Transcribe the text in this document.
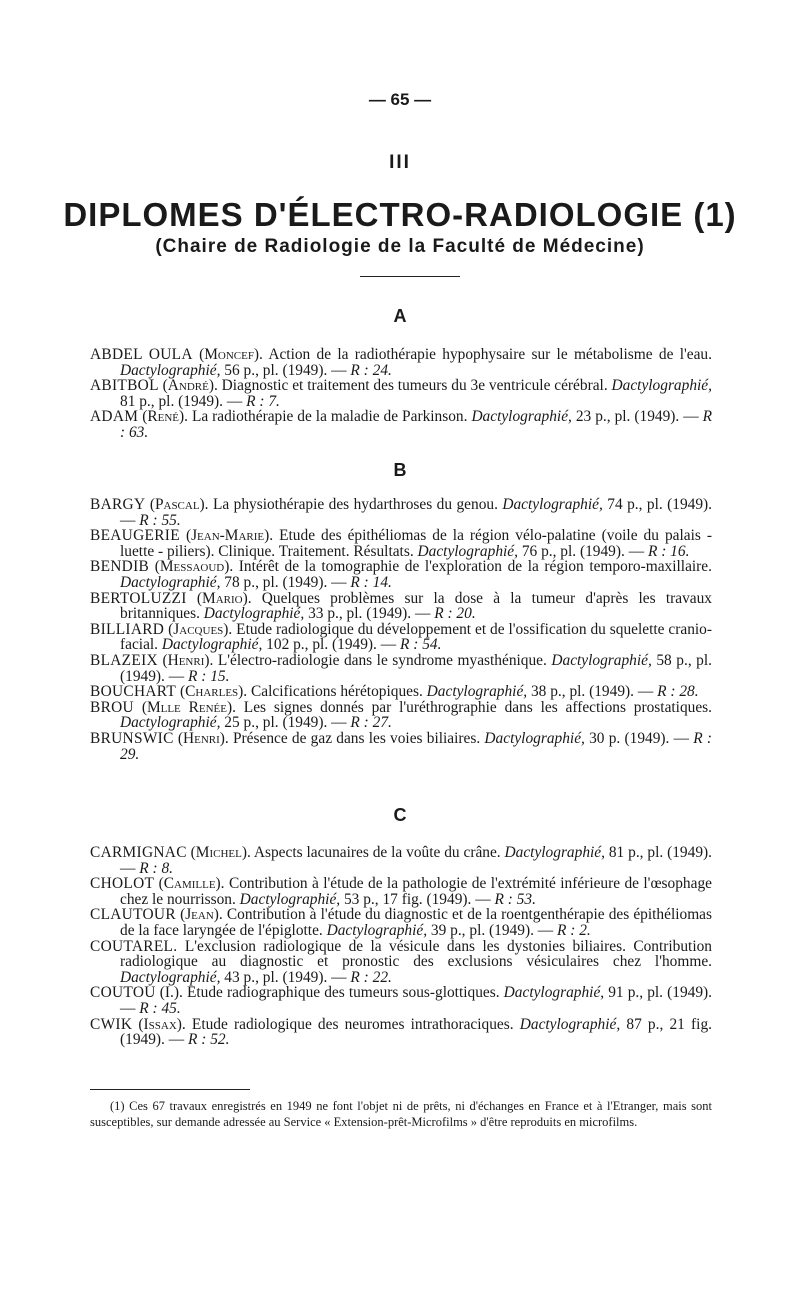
— 65 —
III
DIPLOMES D'ÉLECTRO-RADIOLOGIE (1)
(Chaire de Radiologie de la Faculté de Médecine)
A

ABDEL OULA (Moncef). Action de la radiothérapie hypophysaire sur le métabolisme de l'eau. Dactylographié, 56 p., pl. (1949). — R : 24.

ABITBOL (André). Diagnostic et traitement des tumeurs du 3e ventricule cérébral. Dactylographié, 81 p., pl. (1949). — R : 7.

ADAM (René). La radiothérapie de la maladie de Parkinson. Dactylographié, 23 p., pl. (1949). — R : 63.

B

BARGY (Pascal). La physiothérapie des hydarthroses du genou. Dactylographié, 74 p., pl. (1949). — R : 55.

BEAUGERIE (Jean-Marie). Etude des épithéliomas de la région vélo-palatine (voile du palais - luette - piliers). Clinique. Traitement. Résultats. Dactylographié, 76 p., pl. (1949). — R : 16.

BENDIB (Messaoud). Intérêt de la tomographie de l'exploration de la région temporo-maxillaire. Dactylographié, 78 p., pl. (1949). — R : 14.

BERTOLUZZI (Mario). Quelques problèmes sur la dose à la tumeur d'après les travaux britanniques. Dactylographié, 33 p., pl. (1949). — R : 20.

BILLIARD (Jacques). Etude radiologique du développement et de l'ossification du squelette cranio-facial. Dactylographié, 102 p., pl. (1949). — R : 54.

BLAZEIX (Henri). L'électro-radiologie dans le syndrome myasthénique. Dactylographié, 58 p., pl. (1949). — R : 15.

BOUCHART (Charles). Calcifications hérétopiques. Dactylographié, 38 p., pl. (1949). — R : 28.

BROU (Mlle Renée). Les signes donnés par l'uréthrographie dans les affections prostatiques. Dactylographié, 25 p., pl. (1949). — R : 27.

BRUNSWIC (Henri). Présence de gaz dans les voies biliaires. Dactylographié, 30 p. (1949). — R : 29.

C

CARMIGNAC (Michel). Aspects lacunaires de la voûte du crâne. Dactylographié, 81 p., pl. (1949). — R : 8.

CHOLOT (Camille). Contribution à l'étude de la pathologie de l'extrémité inférieure de l'œsophage chez le nourrisson. Dactylographié, 53 p., 17 fig. (1949). — R : 53.

CLAUTOUR (Jean). Contribution à l'étude du diagnostic et de la roentgenthérapie des épithéliomas de la face laryngée de l'épiglotte. Dactylographié, 39 p., pl. (1949). — R : 2.

COUTAREL. L'exclusion radiologique de la vésicule dans les dystonies biliaires. Contribution radiologique au diagnostic et pronostic des exclusions vésiculaires chez l'homme. Dactylographié, 43 p., pl. (1949). — R : 22.

COUTOU (I.). Etude radiographique des tumeurs sous-glottiques. Dactylographié, 91 p., pl. (1949). — R : 45.

CWIK (Issax). Etude radiologique des neuromes intrathoraciques. Dactylographié, 87 p., 21 fig. (1949). — R : 52.

(1) Ces 67 travaux enregistrés en 1949 ne font l'objet ni de prêts, ni d'échanges en France et à l'Etranger, mais sont susceptibles, sur demande adressée au Service « Extension-prêt-Microfilms » d'être reproduits en microfilms.
